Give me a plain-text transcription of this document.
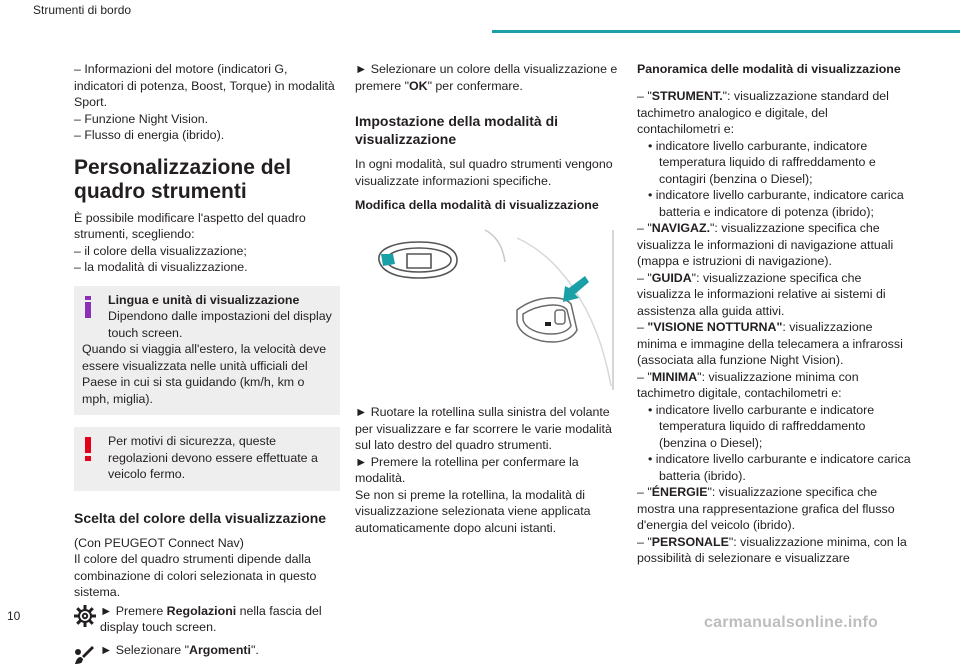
Strumenti di bordo

– Informazioni del motore (indicatori G, indicatori di potenza, Boost, Torque) in modalità Sport.

– Funzione Night Vision.

– Flusso di energia (ibrido).

Personalizzazione del quadro strumenti

È possibile modificare l'aspetto del quadro strumenti, scegliendo:

– il colore della visualizzazione;

– la modalità di visualizzazione.

Lingua e unità di visualizzazione
Dipendono dalle impostazioni del display touch screen.
Quando si viaggia all'estero, la velocità deve essere visualizzata nelle unità ufficiali del Paese in cui si sta guidando (km/h, km o mph, miglia).
Per motivi di sicurezza, queste regolazioni devono essere effettuate a veicolo fermo.
Scelta del colore della visualizzazione

(Con PEUGEOT Connect Nav)

Il colore del quadro strumenti dipende dalla combinazione di colori selezionata in questo sistema.

► Premere Regolazioni nella fascia del display touch screen.
► Selezionare "Argomenti".

► Selezionare un colore della visualizzazione e premere "OK" per confermare.

Impostazione della modalità di visualizzazione

In ogni modalità, sul quadro strumenti vengono visualizzate informazioni specifiche.

Modifica della modalità di visualizzazione

► Ruotare la rotellina sulla sinistra del volante per visualizzare e far scorrere le varie modalità sul lato destro del quadro strumenti.

► Premere la rotellina per confermare la modalità.

Se non si preme la rotellina, la modalità di visualizzazione selezionata viene applicata automaticamente dopo alcuni istanti.

Panoramica delle modalità di visualizzazione

– "STRUMENT.": visualizzazione standard del tachimetro analogico e digitale, del contachilometri e:

• indicatore livello carburante, indicatore temperatura liquido di raffreddamento e contagiri (benzina o Diesel);

• indicatore livello carburante, indicatore carica batteria e indicatore di potenza (ibrido);

– "NAVIGAZ.": visualizzazione specifica che visualizza le informazioni di navigazione attuali (mappa e istruzioni di navigazione).

– "GUIDA": visualizzazione specifica che visualizza le informazioni relative ai sistemi di assistenza alla guida attivi.

– "VISIONE NOTTURNA": visualizzazione minima e immagine della telecamera a infrarossi (associata alla funzione Night Vision).

– "MINIMA": visualizzazione minima con tachimetro digitale, contachilometri e:

• indicatore livello carburante e indicatore temperatura liquido di raffreddamento (benzina o Diesel);

• indicatore livello carburante e indicatore carica batteria (ibrido).

– "ÉNERGIE": visualizzazione specifica che mostra una rappresentazione grafica del flusso d'energia del veicolo (ibrido).

– "PERSONALE": visualizzazione minima, con la possibilità di selezionare e visualizzare

10	carmanualsonline.info
